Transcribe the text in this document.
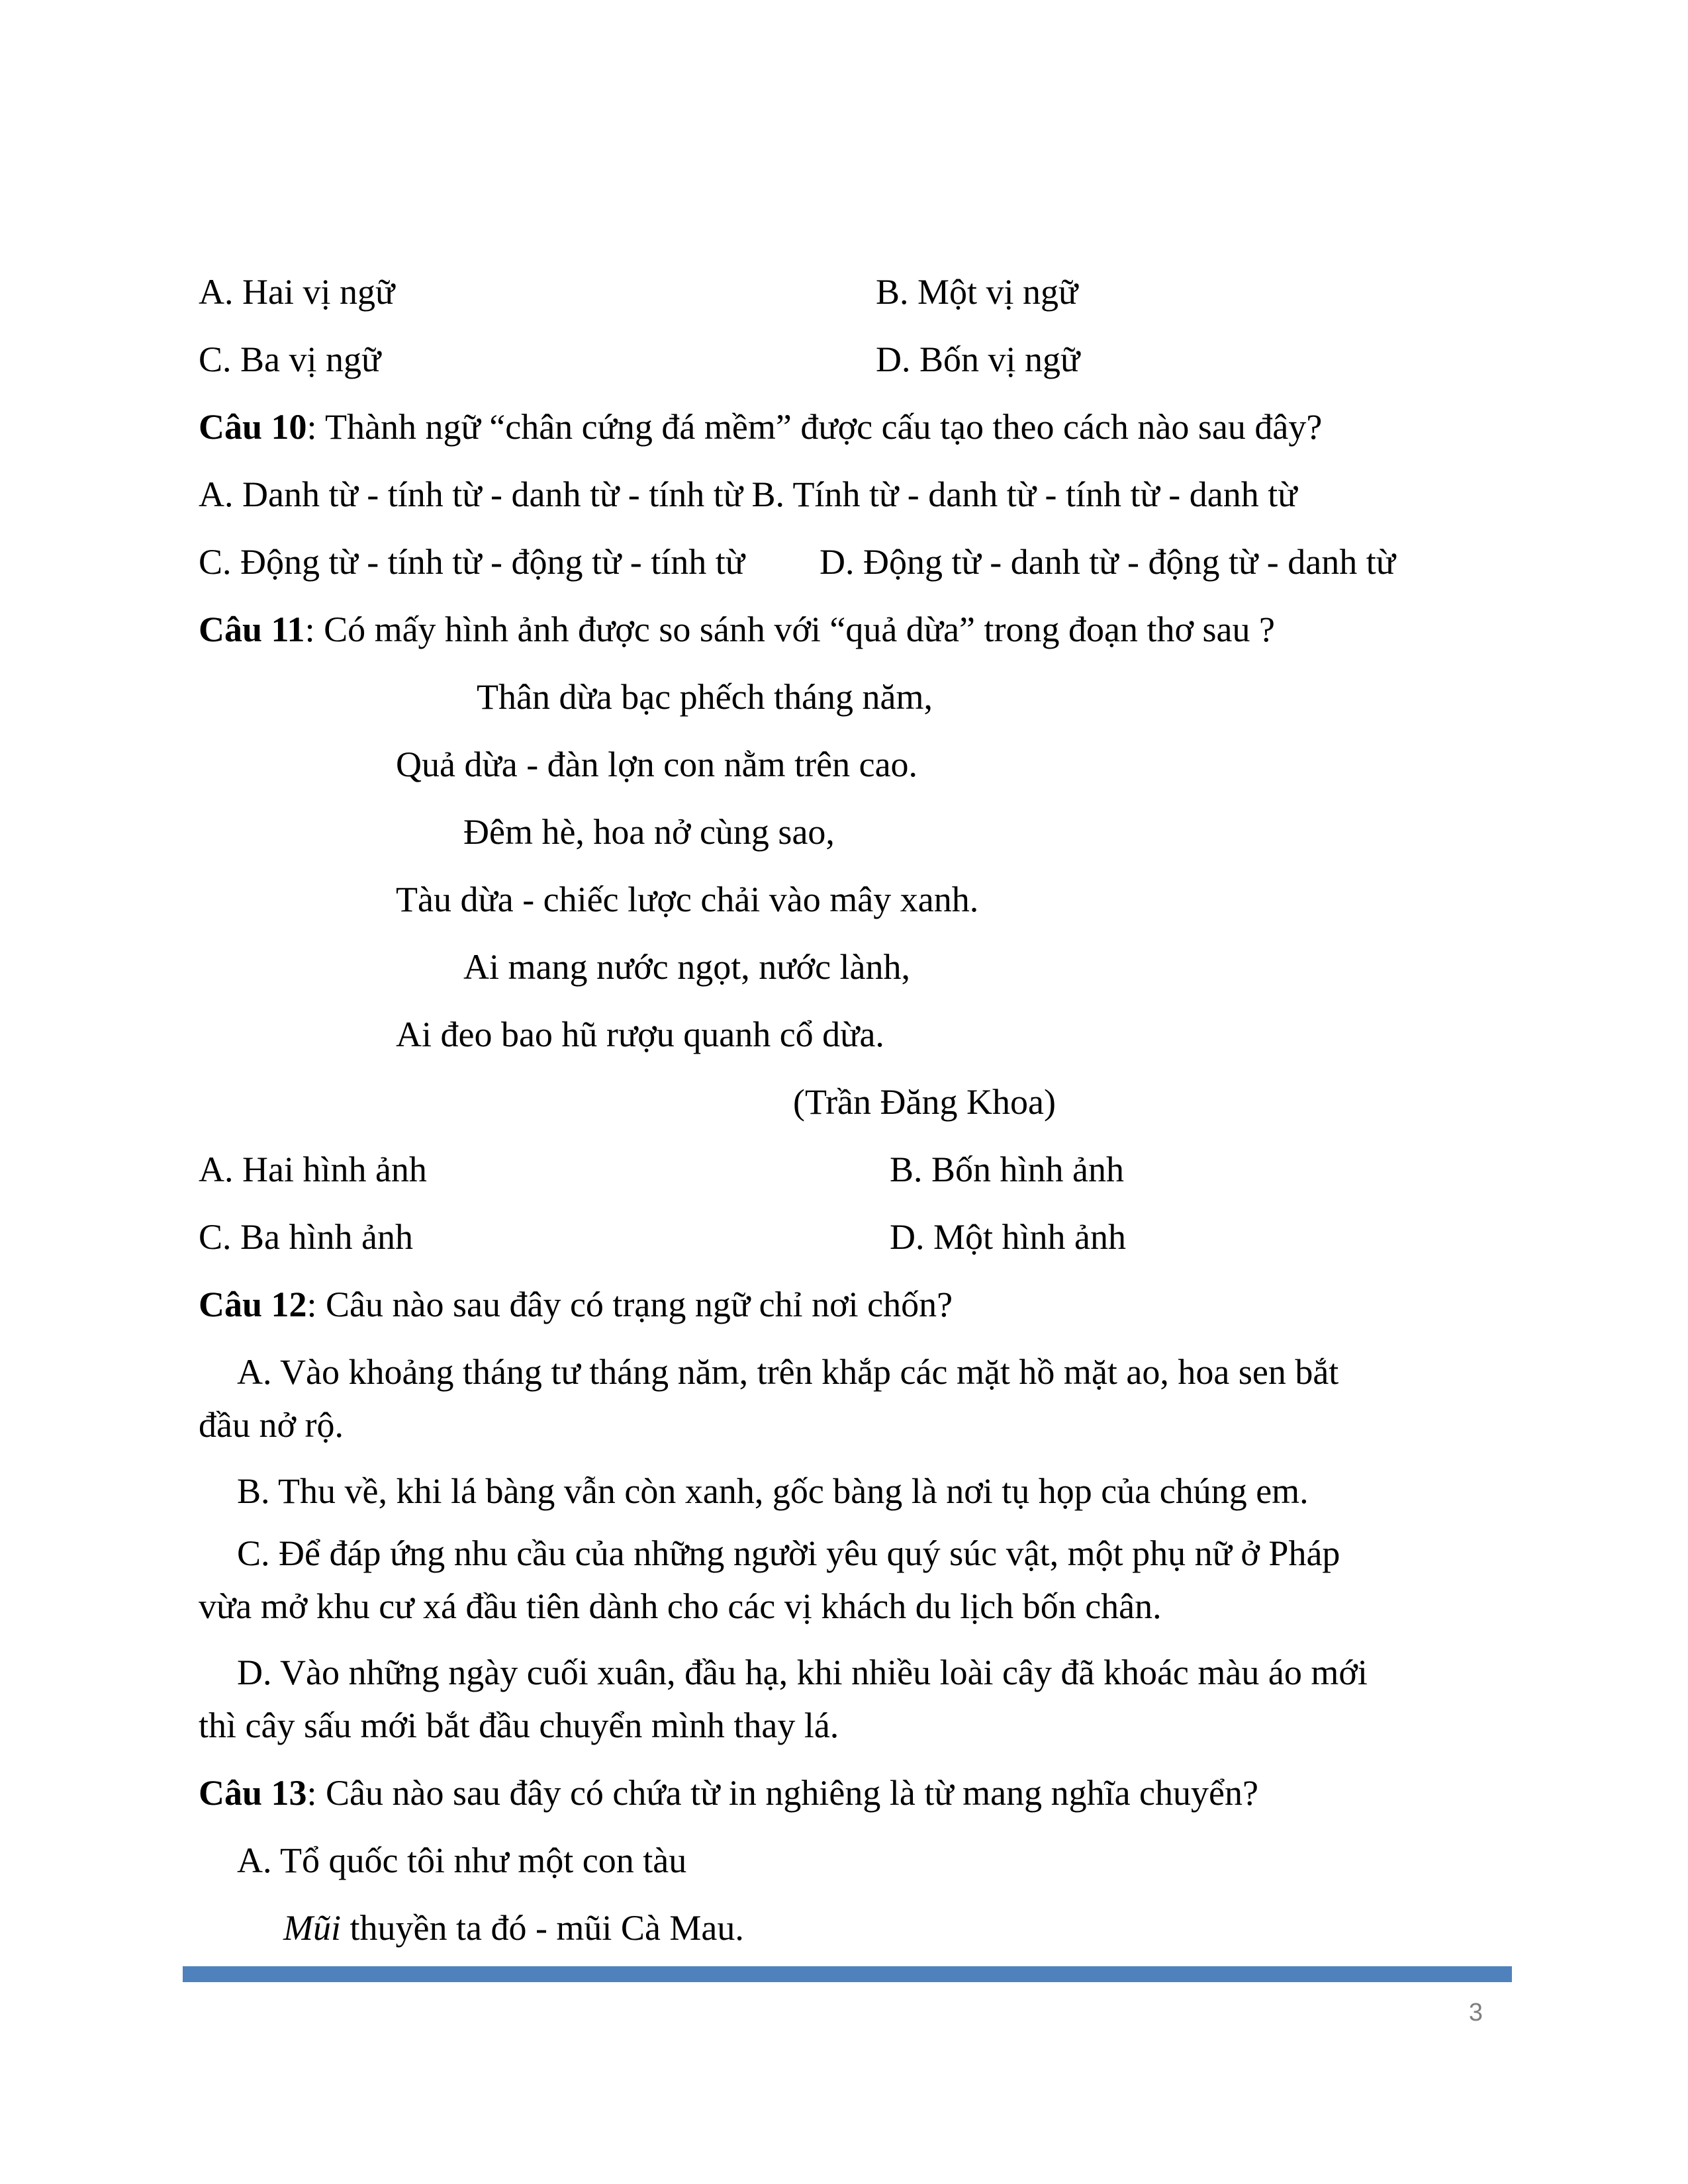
A. Hai vị ngữ	B. Một vị ngữ
C. Ba vị ngữ	D. Bốn vị ngữ
Câu 10: Thành ngữ “chân cứng đá mềm” được cấu tạo theo cách nào sau đây?
A. Danh từ - tính từ - danh từ - tính từ B. Tính từ - danh từ - tính từ - danh từ
C. Động từ - tính từ - động từ - tính từ D. Động từ - danh từ - động từ - danh từ
Câu 11: Có mấy hình ảnh được so sánh với “quả dừa” trong đoạn thơ sau ?
Thân dừa bạc phếch tháng năm,
Quả dừa - đàn lợn con nằm trên cao.
Đêm hè, hoa nở cùng sao,
Tàu dừa - chiếc lược chải vào mây xanh.
Ai mang nước ngọt, nước lành,
Ai đeo bao hũ rượu quanh cổ dừa.
(Trần Đăng Khoa)
A. Hai hình ảnh	B. Bốn hình ảnh
C. Ba hình ảnh	D. Một hình ảnh
Câu 12: Câu nào sau đây có trạng ngữ chỉ nơi chốn?
A. Vào khoảng tháng tư tháng năm, trên khắp các mặt hồ mặt ao, hoa sen bắt
đầu nở rộ.
B. Thu về, khi lá bàng vẫn còn xanh, gốc bàng là nơi tụ họp của chúng em.
C. Để đáp ứng nhu cầu của những người yêu quý súc vật, một phụ nữ ở Pháp
vừa mở khu cư xá đầu tiên dành cho các vị khách du lịch bốn chân.
D. Vào những ngày cuối xuân, đầu hạ, khi nhiều loài cây đã khoác màu áo mới
thì cây sấu mới bắt đầu chuyển mình thay lá.
Câu 13: Câu nào sau đây có chứa từ in nghiêng là từ mang nghĩa chuyển?
A. Tổ quốc tôi như một con tàu
Mũi thuyền ta đó - mũi Cà Mau.
3
